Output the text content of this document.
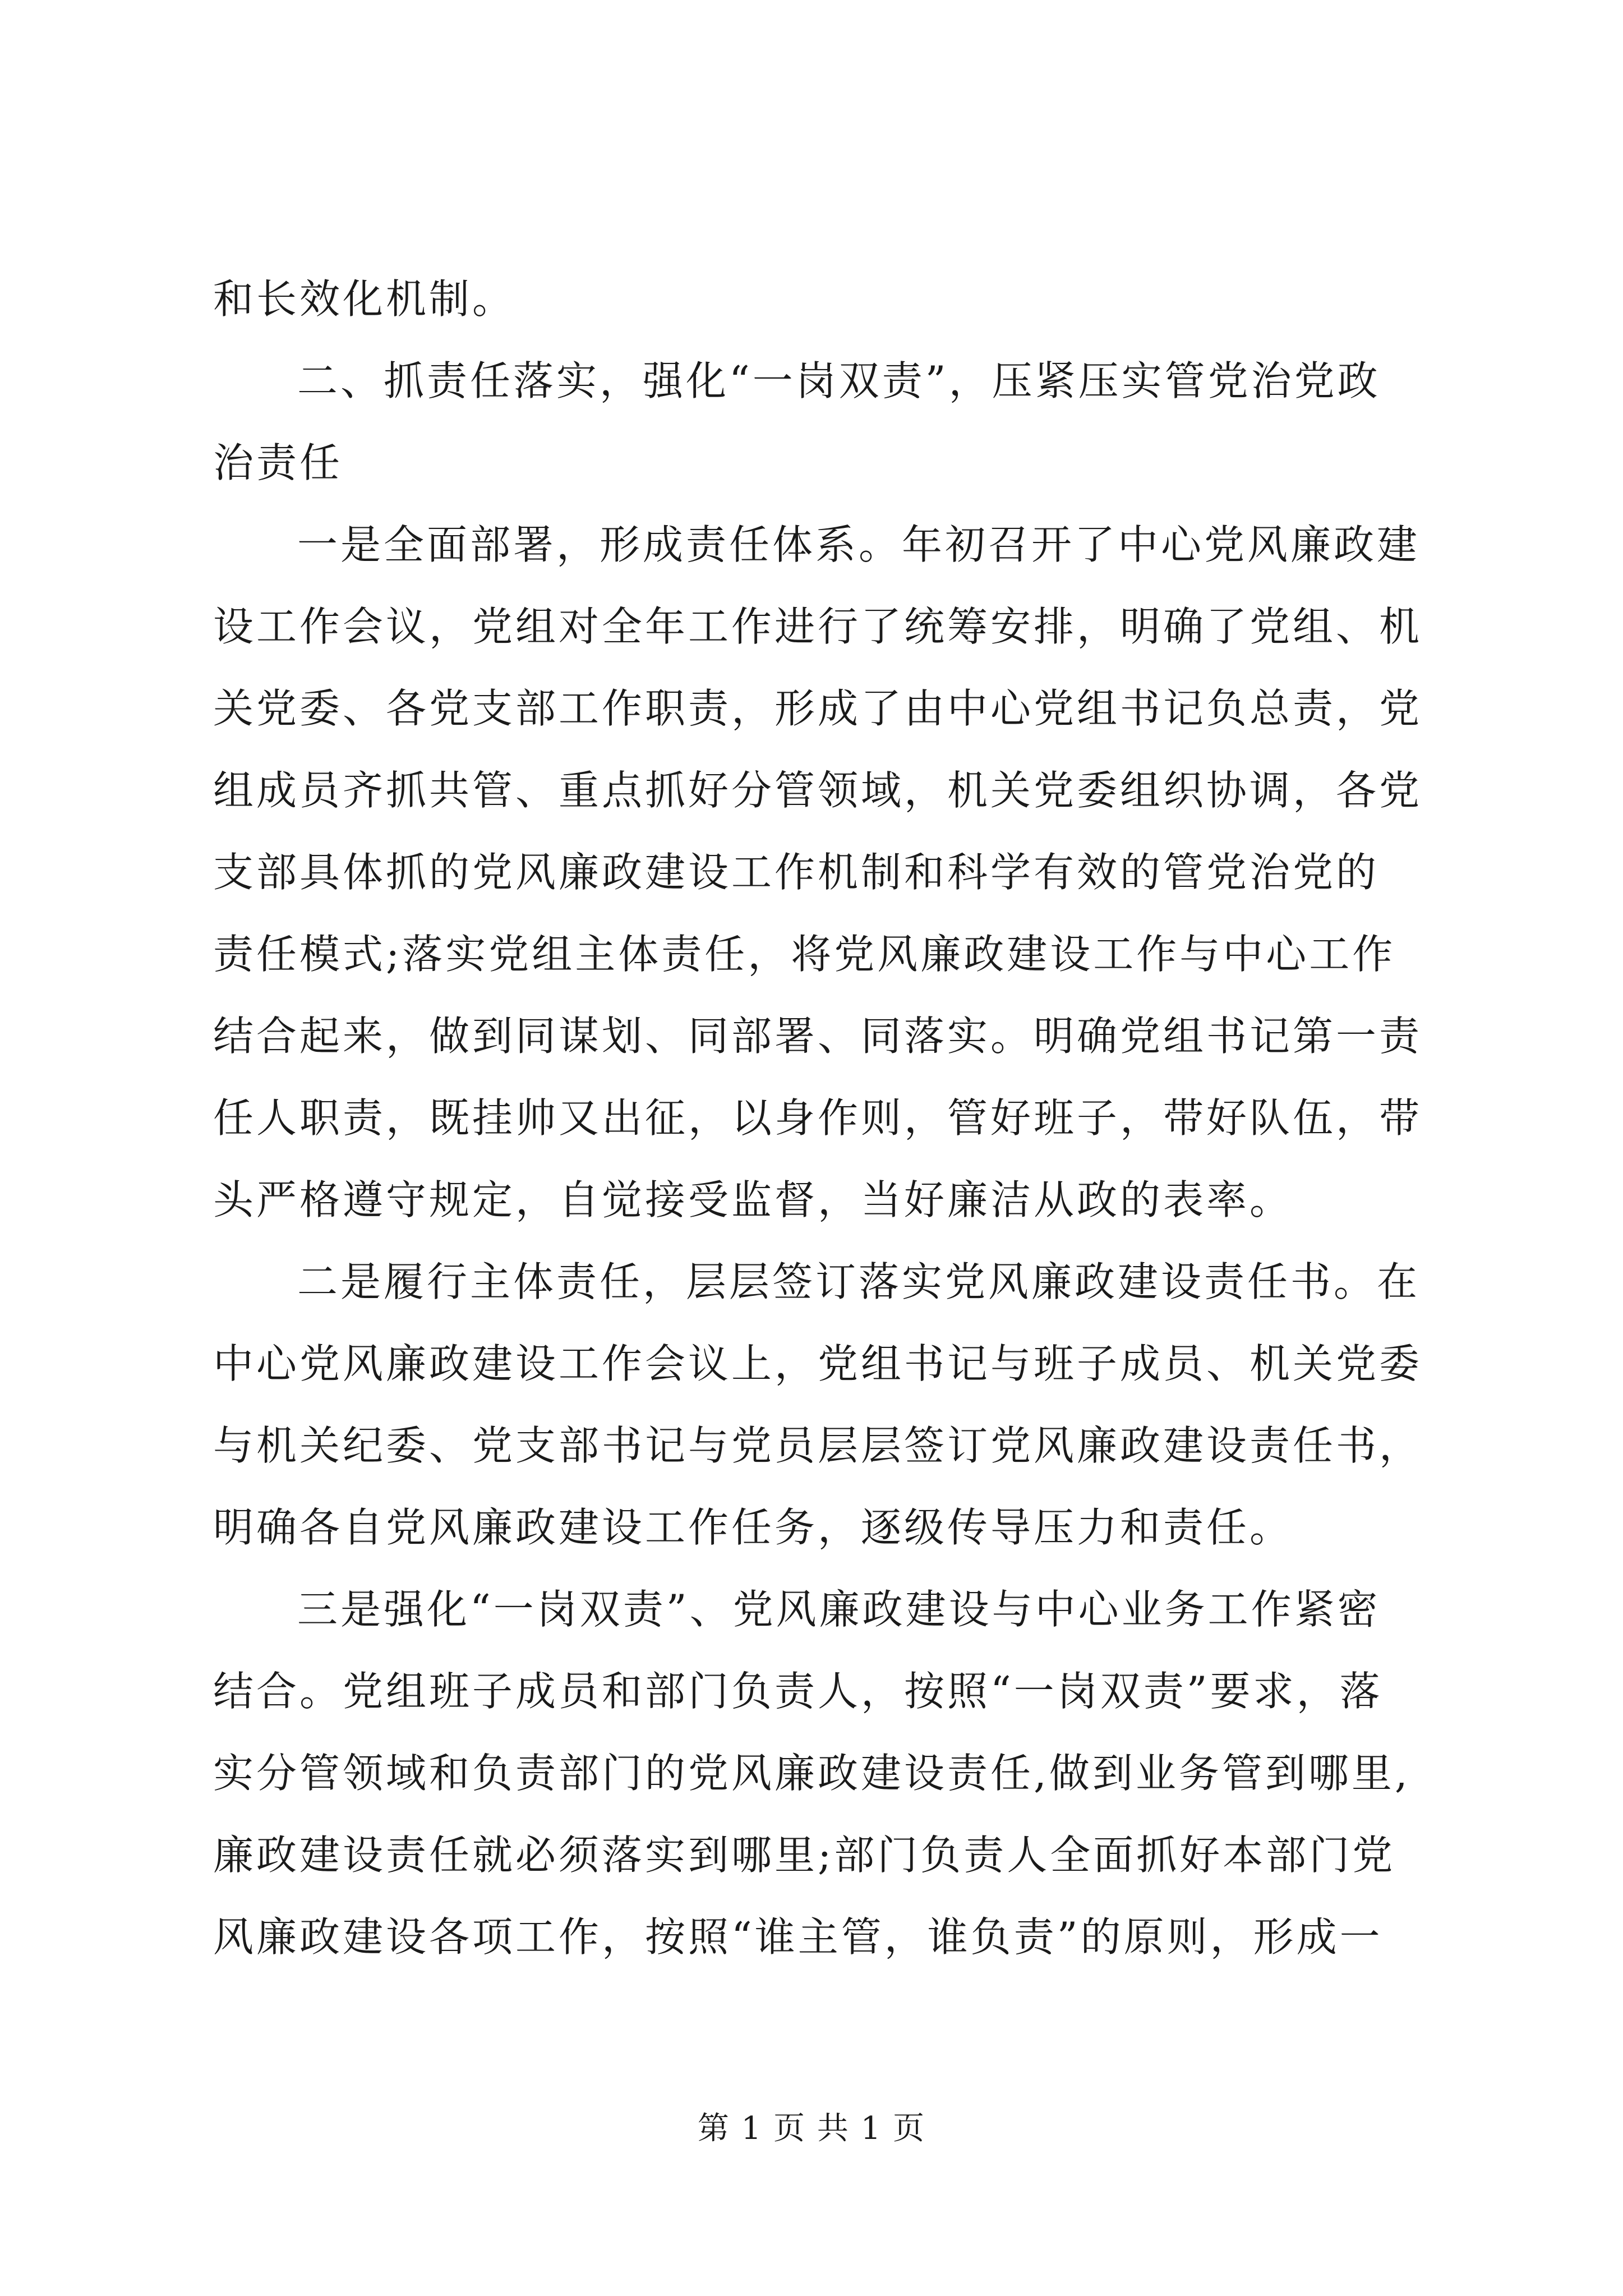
和长效化机制。

二、抓责任落实，强化“一岗双责”，压紧压实管党治党政

治责任

一是全面部署，形成责任体系。年初召开了中心党风廉政建

设工作会议，党组对全年工作进行了统筹安排，明确了党组、机

关党委、各党支部工作职责，形成了由中心党组书记负总责，党

组成员齐抓共管、重点抓好分管领域，机关党委组织协调，各党

支部具体抓的党风廉政建设工作机制和科学有效的管党治党的

责任模式;落实党组主体责任，将党风廉政建设工作与中心工作

结合起来，做到同谋划、同部署、同落实。明确党组书记第一责

任人职责，既挂帅又出征，以身作则，管好班子，带好队伍，带

头严格遵守规定，自觉接受监督，当好廉洁从政的表率。

二是履行主体责任，层层签订落实党风廉政建设责任书。在

中心党风廉政建设工作会议上，党组书记与班子成员、机关党委

与机关纪委、党支部书记与党员层层签订党风廉政建设责任书，

明确各自党风廉政建设工作任务，逐级传导压力和责任。

三是强化“一岗双责”、党风廉政建设与中心业务工作紧密

结合。党组班子成员和部门负责人，按照“一岗双责”要求，落

实分管领域和负责部门的党风廉政建设责任,做到业务管到哪里,

廉政建设责任就必须落实到哪里;部门负责人全面抓好本部门党

风廉政建设各项工作，按照“谁主管，谁负责”的原则，形成一

第 1 页 共 1 页
